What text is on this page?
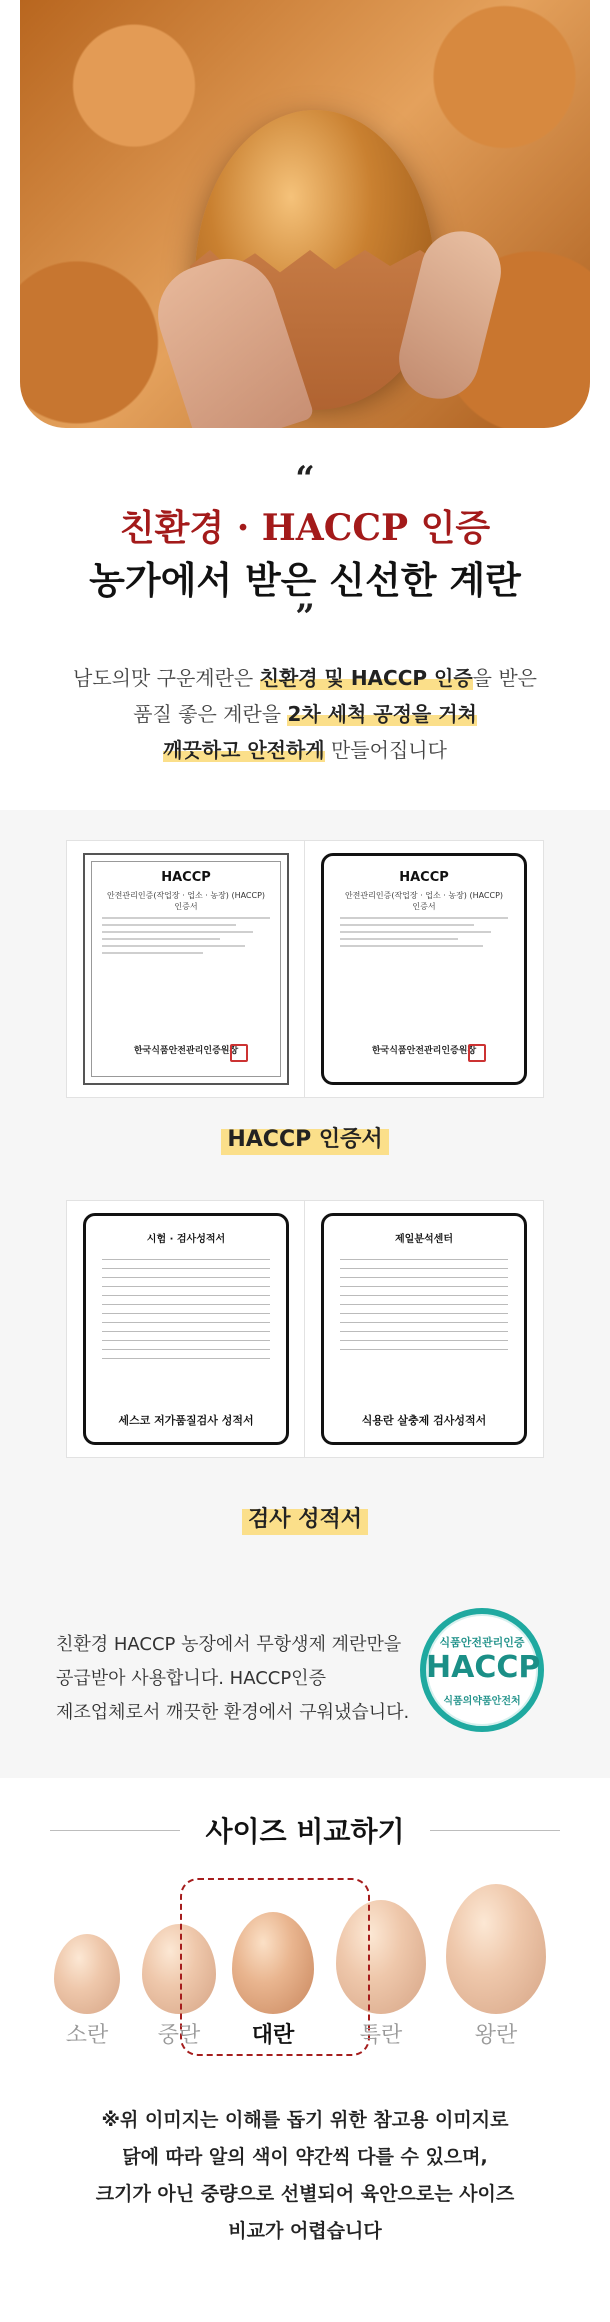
“
친환경 · HACCP 인증
농가에서 받은 신선한 계란
”
남도의맛 구운계란은 친환경 및 HACCP 인증을 받은
품질 좋은 계란을 2차 세척 공정을 거쳐
깨끗하고 안전하게 만들어집니다
HACCP
안전관리인증(작업장 · 업소 · 농장) (HACCP) 인증서
한국식품안전관리인증원장
HACCP
안전관리인증(작업장 · 업소 · 농장) (HACCP) 인증서
한국식품안전관리인증원장
HACCP 인증서
시험 · 검사성적서
세스코 저가품질검사 성적서
제일분석센터
식용란 살충제 검사성적서
검사 성적서
친환경 HACCP 농장에서 무항생제 계란만을
공급받아 사용합니다. HACCP인증
제조업체로서 깨끗한 환경에서 구워냈습니다.
식품안전관리인증
HACCP
식품의약품안전처
사이즈 비교하기
소란	중란	대란	특란	왕란
※위 이미지는 이해를 돕기 위한 참고용 이미지로
닭에 따라 알의 색이 약간씩 다를 수 있으며,
크기가 아닌 중량으로 선별되어 육안으로는 사이즈
비교가 어렵습니다
